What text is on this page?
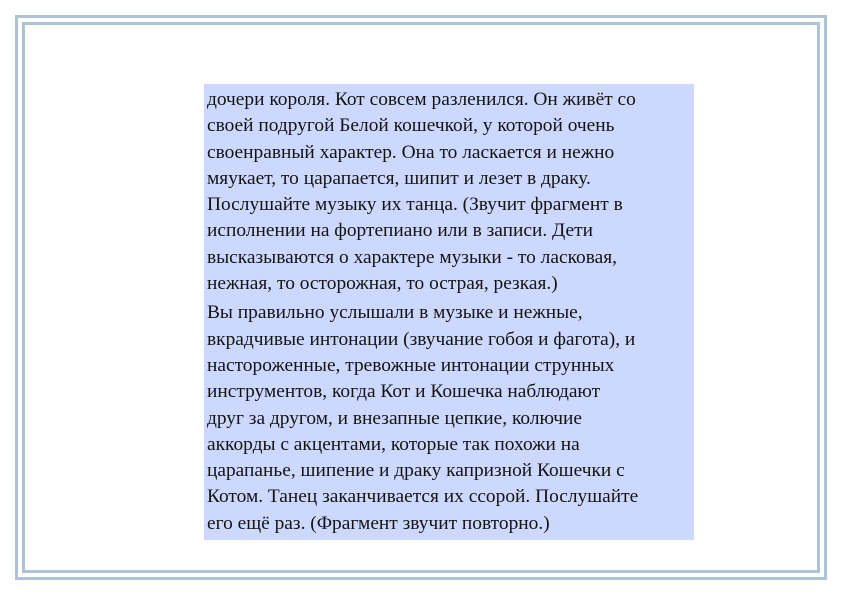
дочери короля. Кот совсем разленился. Он живёт со
своей подругой Белой кошечкой, у которой очень
своенравный характер. Она то ласкается и нежно
мяукает, то царапается, шипит и лезет в драку.
Послушайте музыку их танца. (Звучит фрагмент в
исполнении на фортепиано или в записи. Дети
высказываются о характере музыки - то ласковая,
нежная, то осторожная, то острая, резкая.)

Вы правильно услышали в музыке и нежные,
вкрадчивые интонации (звучание гобоя и фагота), и
настороженные, тревожные интонации струнных
инструментов, когда Кот и Кошечка наблюдают
друг за другом, и внезапные цепкие, колючие
аккорды с акцентами, которые так похожи на
царапанье, шипение и драку капризной Кошечки с
Котом. Танец заканчивается их ссорой. Послушайте
его ещё раз. (Фрагмент звучит повторно.)
